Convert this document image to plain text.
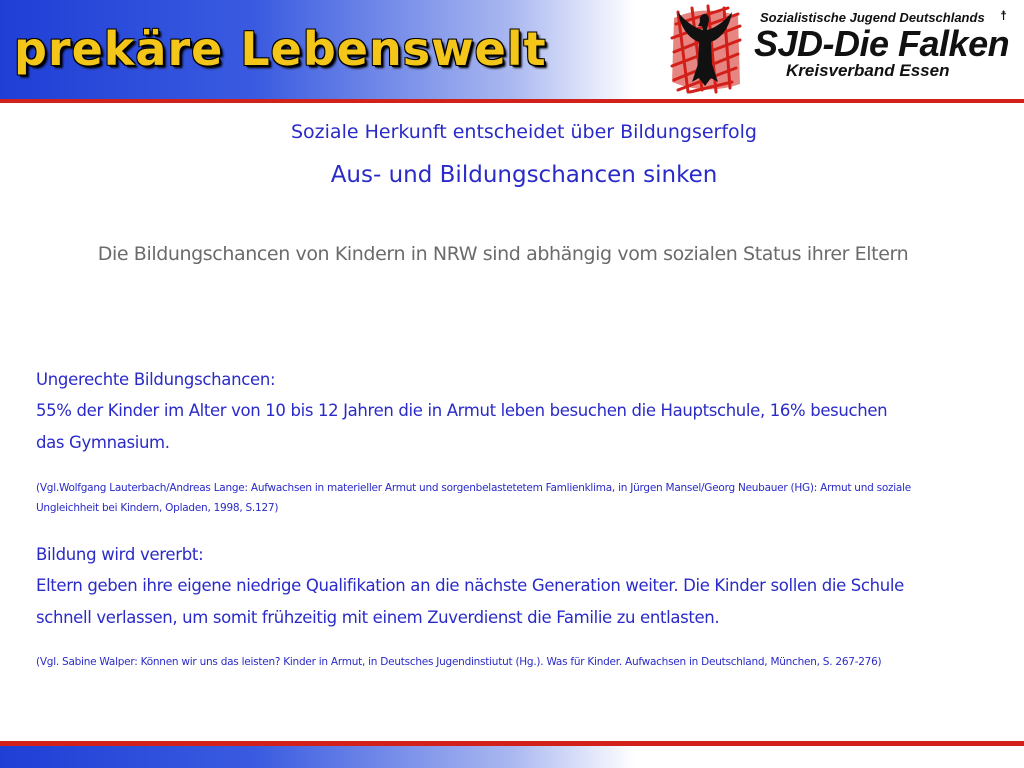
prekäre Lebenswelt
Sozialistische Jugend Deutschlands ☨
SJD-Die Falken
Kreisverband Essen
Soziale Herkunft entscheidet über Bildungserfolg
Aus- und Bildungschancen sinken
Die Bildungschancen von Kindern in NRW sind abhängig vom sozialen Status ihrer Eltern
Ungerechte Bildungschancen:
55% der Kinder im Alter von 10 bis 12 Jahren die in Armut leben besuchen die Hauptschule, 16% besuchen
das Gymnasium.
(Vgl.Wolfgang Lauterbach/Andreas Lange: Aufwachsen in materieller Armut und sorgenbelastetetem Famlienklima, in Jürgen Mansel/Georg Neubauer (HG): Armut und soziale
Ungleichheit bei Kindern, Opladen, 1998, S.127)
Bildung wird vererbt:
Eltern geben ihre eigene niedrige Qualifikation an die nächste Generation weiter. Die Kinder sollen die Schule
schnell verlassen, um somit frühzeitig mit einem Zuverdienst die Familie zu entlasten.
(Vgl. Sabine Walper: Können wir uns das leisten? Kinder in Armut, in Deutsches Jugendinstiutut (Hg.). Was für Kinder. Aufwachsen in Deutschland, München, S. 267-276)
